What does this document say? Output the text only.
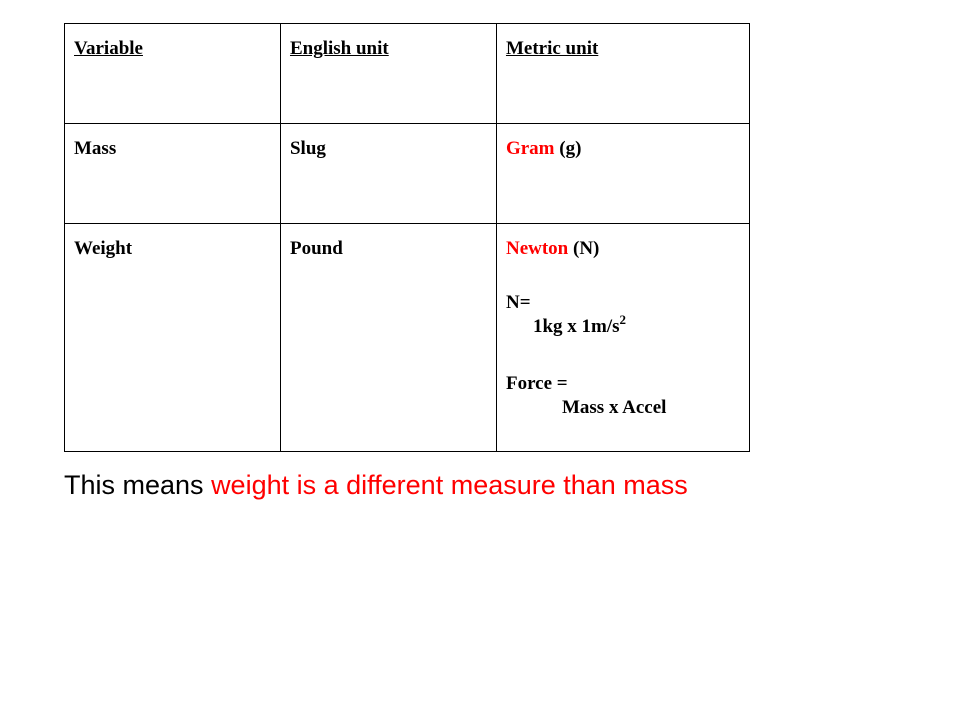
Variable	English unit	Metric unit
Mass	Slug	Gram (g)
Weight	Pound	Newton (N)
N=
1kg x $1m/s^2$
Force =
Mass x Accel
This means weight is a different measure than mass
